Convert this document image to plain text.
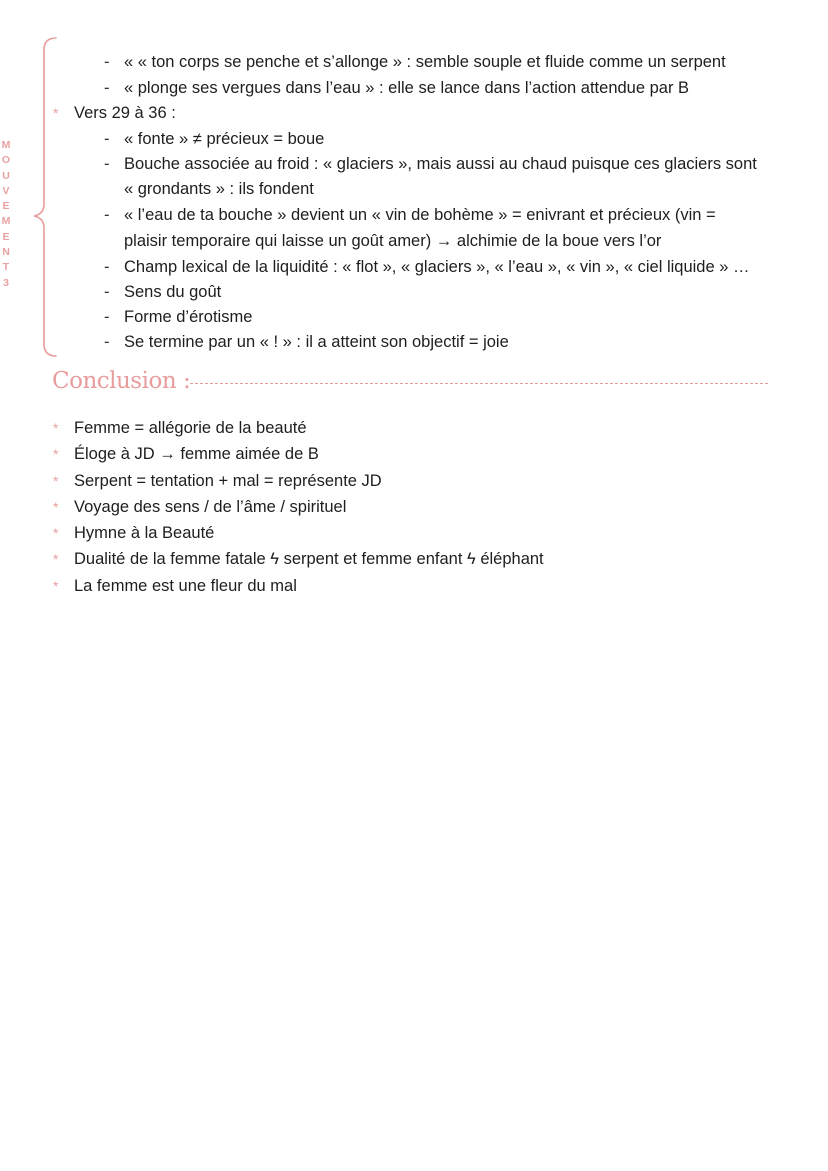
M
O
U
V
E
M
E
N
T
3
- « « ton corps se penche et s’allonge » : semble souple et fluide comme un serpent
- « plonge ses vergues dans l’eau » : elle se lance dans l’action attendue par B
* Vers 29 à 36 :
- « fonte » ≠ précieux = boue
- Bouche associée au froid : « glaciers », mais aussi au chaud puisque ces glaciers sont
« grondants » : ils fondent
- « l’eau de ta bouche » devient un « vin de bohème » = enivrant et précieux (vin =
plaisir temporaire qui laisse un goût amer) → alchimie de la boue vers l’or
- Champ lexical de la liquidité : « flot », « glaciers », « l’eau », « vin », « ciel liquide » …
- Sens du goût
- Forme d’érotisme
- Se termine par un « ! » : il a atteint son objectif = joie
Conclusion :
* Femme = allégorie de la beauté
* Éloge à JD → femme aimée de B
* Serpent = tentation + mal = représente JD
* Voyage des sens / de l’âme / spirituel
* Hymne à la Beauté
* Dualité de la femme fatale ϟ serpent et femme enfant ϟ éléphant
* La femme est une fleur du mal
